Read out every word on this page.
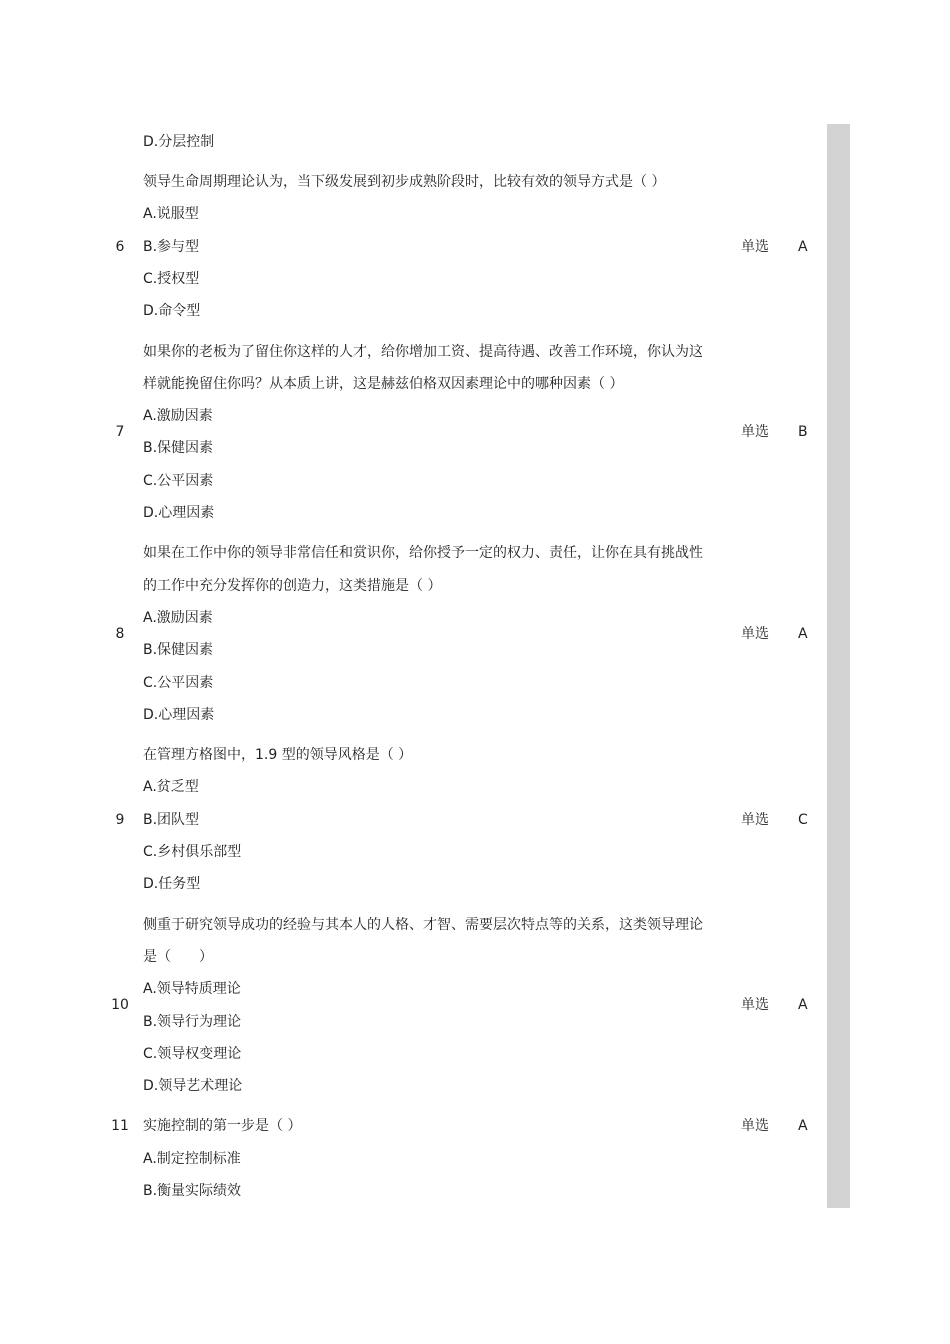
D.分层控制
领导生命周期理论认为，当下级发展到初步成熟阶段时，比较有效的领导方式是（ ）
A.说服型
B.参与型
C.授权型
D.命令型
6	单选 A
如果你的老板为了留住你这样的人才，给你增加工资、提高待遇、改善工作环境，你认为这
样就能挽留住你吗？从本质上讲，这是赫兹伯格双因素理论中的哪种因素（ ）
A.激励因素
B.保健因素
C.公平因素
D.心理因素
7	单选 B
如果在工作中你的领导非常信任和赏识你，给你授予一定的权力、责任，让你在具有挑战性
的工作中充分发挥你的创造力，这类措施是（ ）
A.激励因素
B.保健因素
C.公平因素
D.心理因素
8	单选 A
在管理方格图中，1.9 型的领导风格是（ ）
A.贫乏型
B.团队型
C.乡村俱乐部型
D.任务型
9	单选 C
侧重于研究领导成功的经验与其本人的人格、才智、需要层次特点等的关系，这类领导理论
是（　　）
A.领导特质理论
B.领导行为理论
C.领导权变理论
D.领导艺术理论
10	单选 A
实施控制的第一步是（ ）
A.制定控制标准
B.衡量实际绩效
11	单选 A
